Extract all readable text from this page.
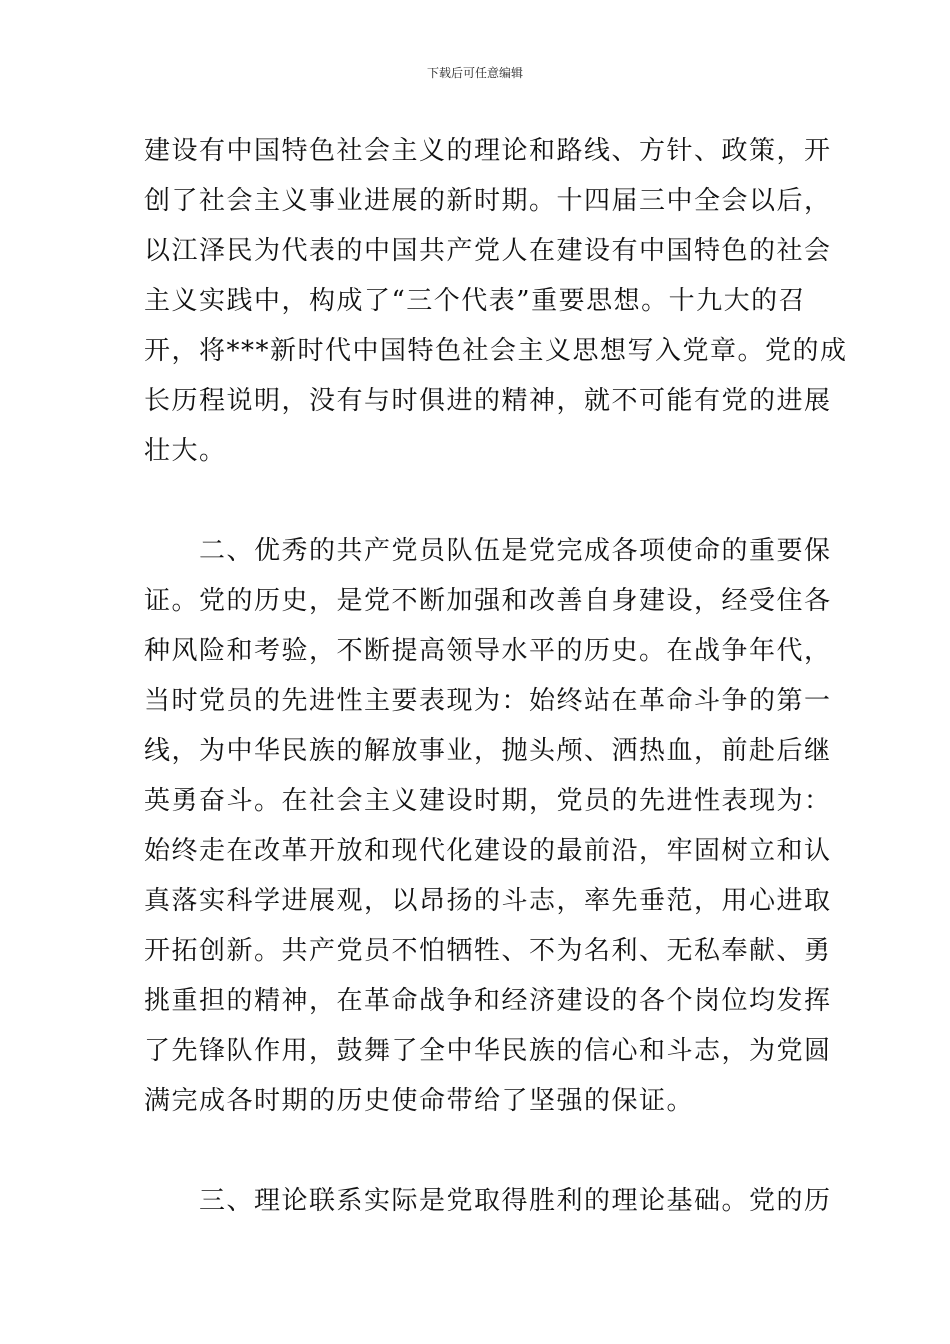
下载后可任意编辑
建设有中国特色社会主义的理论和路线、方针、政策，开
创了社会主义事业进展的新时期。十四届三中全会以后，
以江泽民为代表的中国共产党人在建设有中国特色的社会
主义实践中，构成了“三个代表”重要思想。十九大的召
开，将***新时代中国特色社会主义思想写入党章。党的成
长历程说明，没有与时俱进的精神，就不可能有党的进展
壮大。
二、优秀的共产党员队伍是党完成各项使命的重要保
证。党的历史，是党不断加强和改善自身建设，经受住各
种风险和考验，不断提高领导水平的历史。在战争年代，
当时党员的先进性主要表现为：始终站在革命斗争的第一
线，为中华民族的解放事业，抛头颅、洒热血，前赴后继
英勇奋斗。在社会主义建设时期，党员的先进性表现为：
始终走在改革开放和现代化建设的最前沿，牢固树立和认
真落实科学进展观，以昂扬的斗志，率先垂范，用心进取
开拓创新。共产党员不怕牺牲、不为名利、无私奉献、勇
挑重担的精神，在革命战争和经济建设的各个岗位均发挥
了先锋队作用，鼓舞了全中华民族的信心和斗志，为党圆
满完成各时期的历史使命带给了坚强的保证。
三、理论联系实际是党取得胜利的理论基础。党的历
